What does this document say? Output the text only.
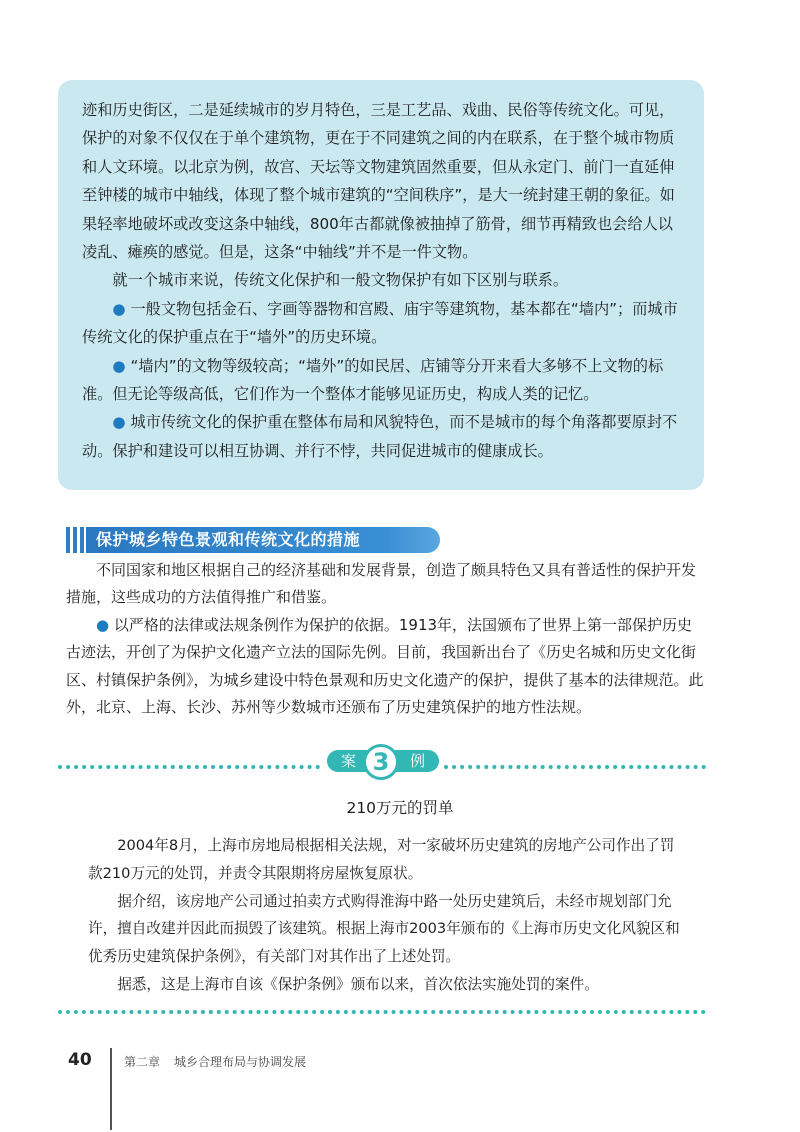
迹和历史街区，二是延续城市的岁月特色，三是工艺品、戏曲、民俗等传统文化。可见，保护的对象不仅仅在于单个建筑物，更在于不同建筑之间的内在联系，在于整个城市物质和人文环境。以北京为例，故宫、天坛等文物建筑固然重要，但从永定门、前门一直延伸至钟楼的城市中轴线，体现了整个城市建筑的“空间秩序”，是大一统封建王朝的象征。如果轻率地破坏或改变这条中轴线，800年古都就像被抽掉了筋骨，细节再精致也会给人以凌乱、瘫痪的感觉。但是，这条“中轴线”并不是一件文物。

就一个城市来说，传统文化保护和一般文物保护有如下区别与联系。

● 一般文物包括金石、字画等器物和宫殿、庙宇等建筑物，基本都在“墙内”；而城市传统文化的保护重点在于“墙外”的历史环境。

● “墙内”的文物等级较高；“墙外”的如民居、店铺等分开来看大多够不上文物的标准。但无论等级高低，它们作为一个整体才能够见证历史，构成人类的记忆。

● 城市传统文化的保护重在整体布局和风貌特色，而不是城市的每个角落都要原封不动。保护和建设可以相互协调、并行不悖，共同促进城市的健康成长。

保护城乡特色景观和传统文化的措施

不同国家和地区根据自己的经济基础和发展背景，创造了颇具特色又具有普适性的保护开发措施，这些成功的方法值得推广和借鉴。

● 以严格的法律或法规条例作为保护的依据。1913年，法国颁布了世界上第一部保护历史古迹法，开创了为保护文化遗产立法的国际先例。目前，我国新出台了《历史名城和历史文化街区、村镇保护条例》，为城乡建设中特色景观和历史文化遗产的保护，提供了基本的法律规范。此外，北京、上海、长沙、苏州等少数城市还颁布了历史建筑保护的地方性法规。

案	例
3
210万元的罚单

2004年8月，上海市房地局根据相关法规，对一家破坏历史建筑的房地产公司作出了罚款210万元的处罚，并责令其限期将房屋恢复原状。

据介绍，该房地产公司通过拍卖方式购得淮海中路一处历史建筑后，未经市规划部门允许，擅自改建并因此而损毁了该建筑。根据上海市2003年颁布的《上海市历史文化风貌区和优秀历史建筑保护条例》，有关部门对其作出了上述处罚。

据悉，这是上海市自该《保护条例》颁布以来，首次依法实施处罚的案件。

40	第二章 城乡合理布局与协调发展
